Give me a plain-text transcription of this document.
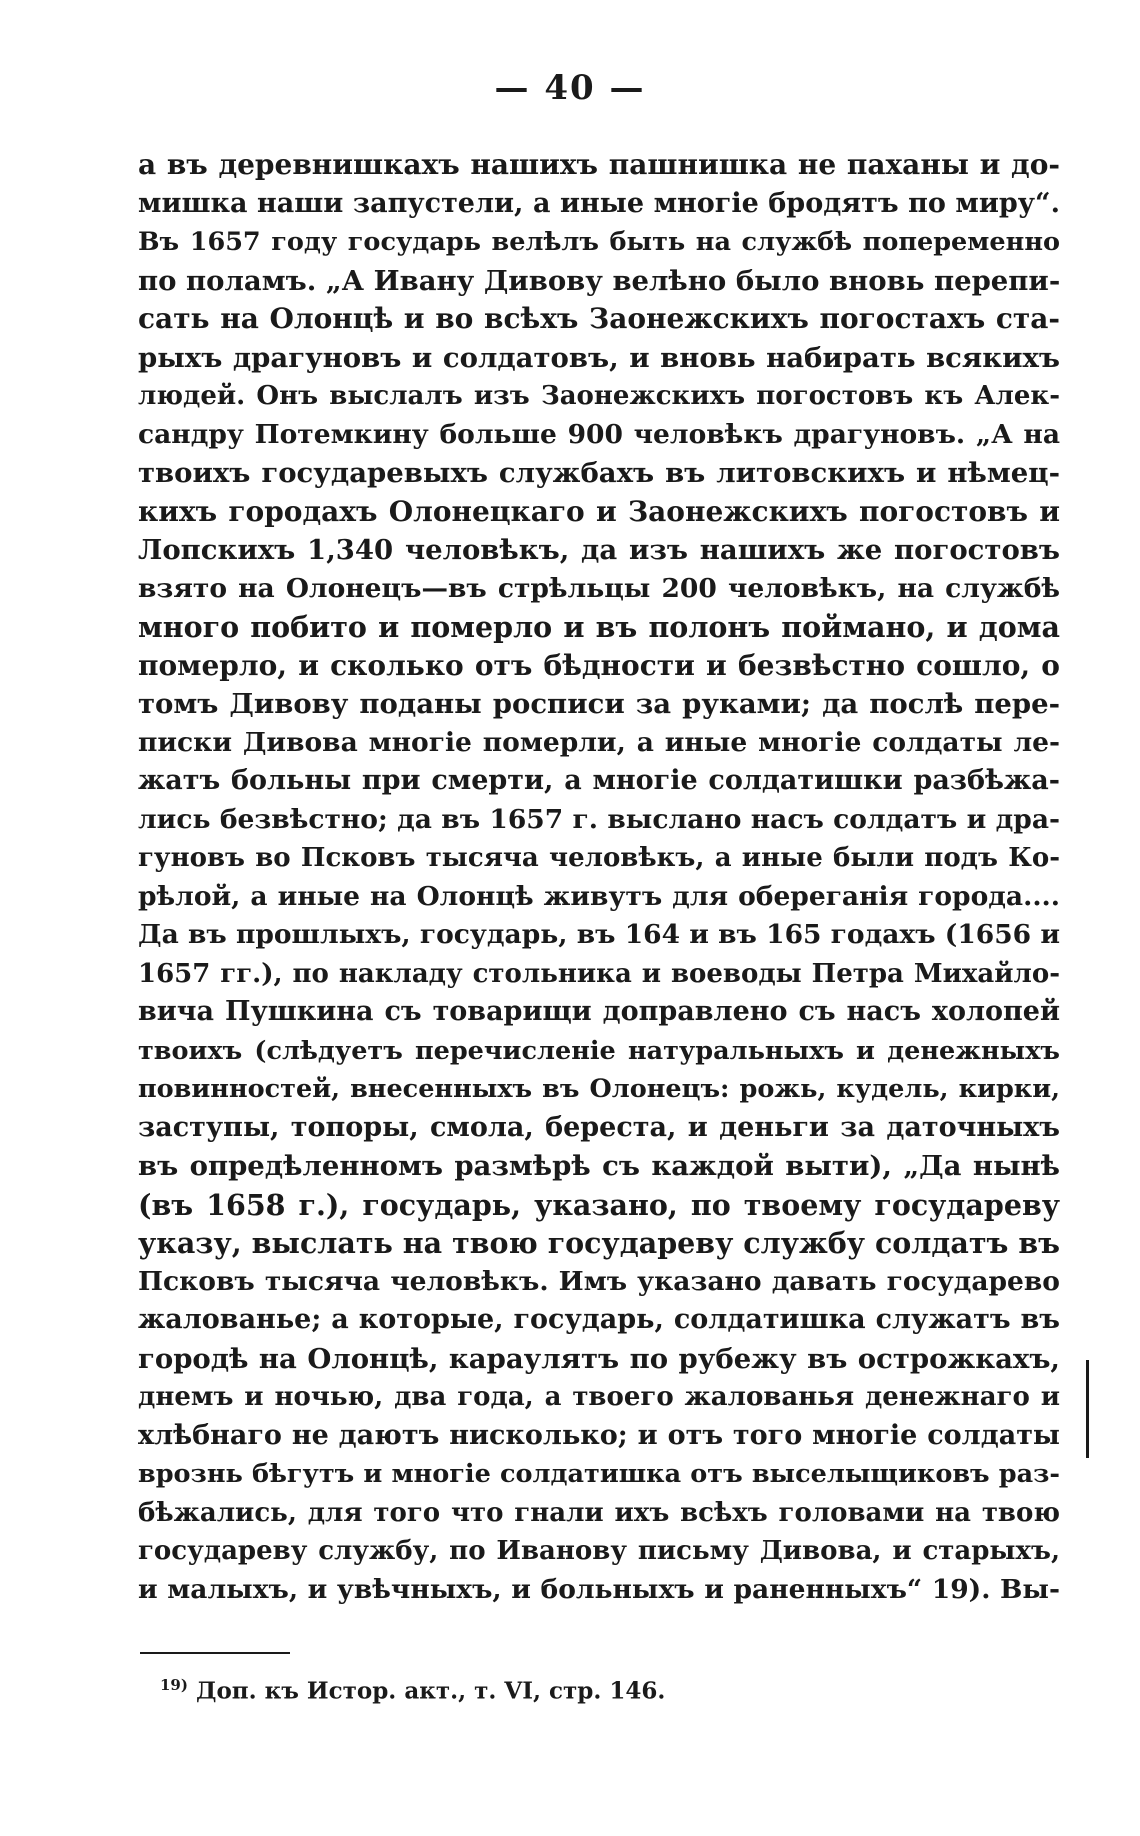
— 40 —
а въ деревнишкахъ нашихъ пашнишка не паханы и до-
мишка наши запустели, а иные многіе бродятъ по миру“.
Въ 1657 году государь велѣлъ быть на службѣ попеременно
по поламъ. „А Ивану Дивову велѣно было вновь перепи-
сать на Олонцѣ и во всѣхъ Заонежскихъ погостахъ ста-
рыхъ драгуновъ и солдатовъ, и вновь набирать всякихъ
людей. Онъ выслалъ изъ Заонежскихъ погостовъ къ Алек-
сандру Потемкину больше 900 человѣкъ драгуновъ. „А на
твоихъ государевыхъ службахъ въ литовскихъ и нѣмец-
кихъ городахъ Олонецкаго и Заонежскихъ погостовъ и
Лопскихъ 1,340 человѣкъ, да изъ нашихъ же погостовъ
взято на Олонецъ—въ стрѣльцы 200 человѣкъ, на службѣ
много побито и померло и въ полонъ поймано, и дома
померло, и сколько отъ бѣдности и безвѣстно сошло, о
томъ Дивову поданы росписи за руками; да послѣ пере-
писки Дивова многіе померли, а иные многіе солдаты ле-
жатъ больны при смерти, а многіе солдатишки разбѣжа-
лись безвѣстно; да въ 1657 г. выслано насъ солдатъ и дра-
гуновъ во Псковъ тысяча человѣкъ, а иные были подъ Ко-
рѣлой, а иные на Олонцѣ живутъ для обереганія города....
Да въ прошлыхъ, государь, въ 164 и въ 165 годахъ (1656 и
1657 гг.), по накладу стольника и воеводы Петра Михайло-
вича Пушкина съ товарищи доправлено съ насъ холопей
твоихъ (слѣдуетъ перечисленіе натуральныхъ и денежныхъ
повинностей, внесенныхъ въ Олонецъ: рожь, кудель, кирки,
заступы, топоры, смола, береста, и деньги за даточныхъ
въ опредѣленномъ размѣрѣ съ каждой выти), „Да нынѣ
(въ 1658 г.), государь, указано, по твоему государеву
указу, выслать на твою государеву службу солдатъ въ
Псковъ тысяча человѣкъ. Имъ указано давать государево
жалованье; а которые, государь, солдатишка служатъ въ
городѣ на Олонцѣ, караулятъ по рубежу въ острожкахъ,
днемъ и ночью, два года, а твоего жалованья денежнаго и
хлѣбнаго не даютъ нисколько; и отъ того многіе солдаты
врознь бѣгутъ и многіе солдатишка отъ выселыщиковъ раз-
бѣжались, для того что гнали ихъ всѣхъ головами на твою
государеву службу, по Иванову письму Дивова, и старыхъ,
и малыхъ, и увѣчныхъ, и больныхъ и раненныхъ“ 19). Вы-
$^{19)}$ Доп. къ Истор. акт., т. VI, стр. 146.
